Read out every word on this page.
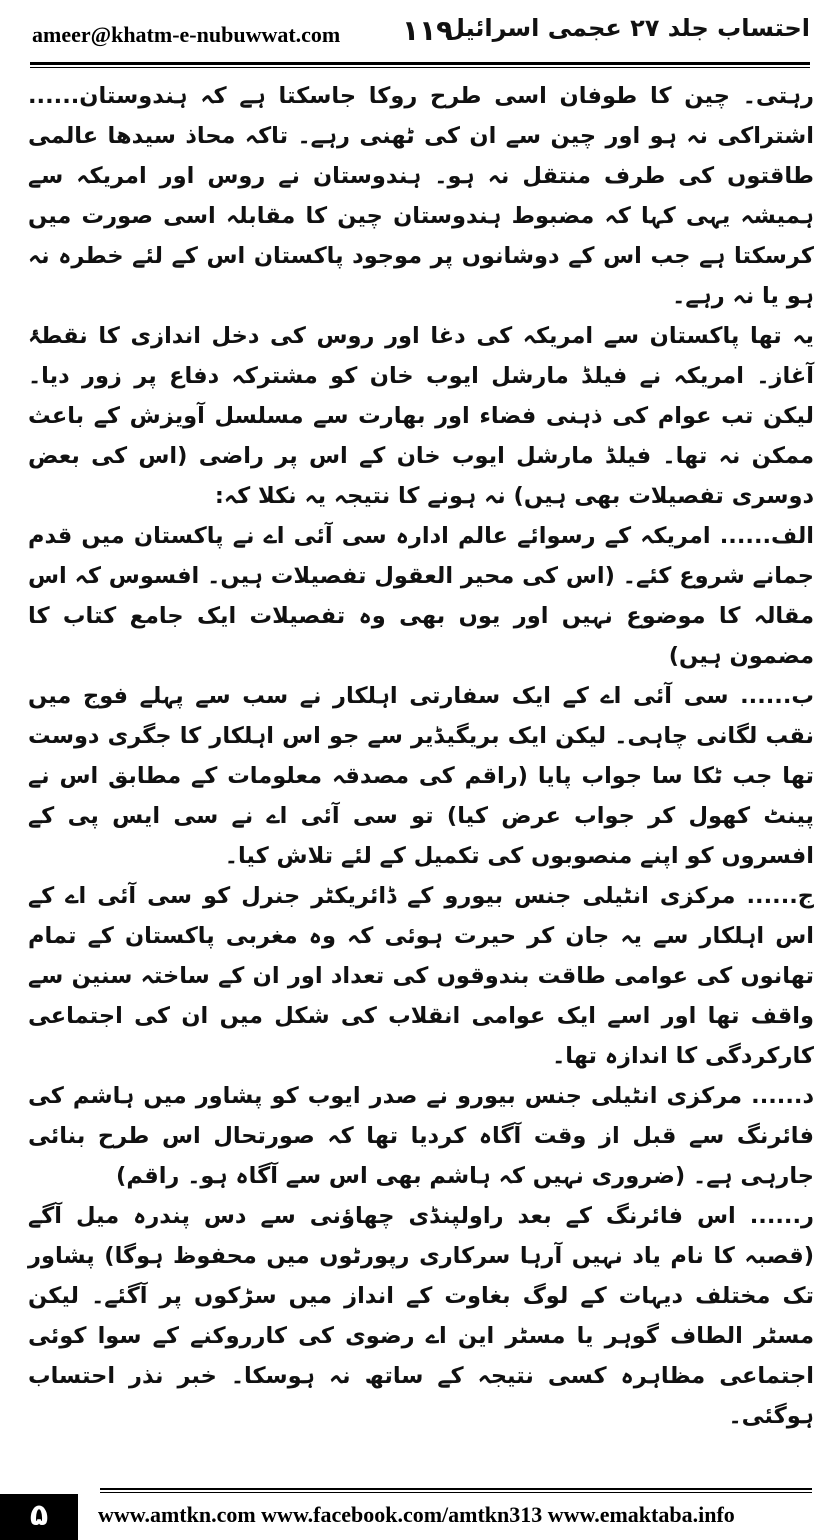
ameer@khatm-e-nubuwwat.com ۱۱۹
احتساب جلد ۲۷ عجمی اسرائیل

رہتی۔ چین کا طوفان اسی طرح روکا جاسکتا ہے کہ ہندوستان...... اشتراکی نہ ہو اور چین سے ان کی ٹھنی رہے۔ تاکہ محاذ سیدھا عالمی طاقتوں کی طرف منتقل نہ ہو۔ ہندوستان نے روس اور امریکہ سے ہمیشہ یہی کہا کہ مضبوط ہندوستان چین کا مقابلہ اسی صورت میں کرسکتا ہے جب اس کے دوشانوں پر موجود پاکستان اس کے لئے خطرہ نہ ہو یا نہ رہے۔

یہ تھا پاکستان سے امریکہ کی دغا اور روس کی دخل اندازی کا نقطۂ آغاز۔ امریکہ نے فیلڈ مارشل ایوب خان کو مشترکہ دفاع پر زور دیا۔ لیکن تب عوام کی ذہنی فضاء اور بھارت سے مسلسل آویزش کے باعث ممکن نہ تھا۔ فیلڈ مارشل ایوب خان کے اس پر راضی (اس کی بعض دوسری تفصیلات بھی ہیں) نہ ہونے کا نتیجہ یہ نکلا کہ:

الف...... امریکہ کے رسوائے عالم ادارہ سی آئی اے نے پاکستان میں قدم جمانے شروع کئے۔ (اس کی محیر العقول تفصیلات ہیں۔ افسوس کہ اس مقالہ کا موضوع نہیں اور یوں بھی وہ تفصیلات ایک جامع کتاب کا مضمون ہیں)

ب...... سی آئی اے کے ایک سفارتی اہلکار نے سب سے پہلے فوج میں نقب لگانی چاہی۔ لیکن ایک بریگیڈیر سے جو اس اہلکار کا جگری دوست تھا جب ٹکا سا جواب پایا (راقم کی مصدقہ معلومات کے مطابق اس نے پینٹ کھول کر جواب عرض کیا) تو سی آئی اے نے سی ایس پی کے افسروں کو اپنے منصوبوں کی تکمیل کے لئے تلاش کیا۔

ج...... مرکزی انٹیلی جنس بیورو کے ڈائریکٹر جنرل کو سی آئی اے کے اس اہلکار سے یہ جان کر حیرت ہوئی کہ وہ مغربی پاکستان کے تمام تھانوں کی عوامی طاقت بندوقوں کی تعداد اور ان کے ساختہ سنین سے واقف تھا اور اسے ایک عوامی انقلاب کی شکل میں ان کی اجتماعی کارکردگی کا اندازہ تھا۔

د...... مرکزی انٹیلی جنس بیورو نے صدر ایوب کو پشاور میں ہاشم کی فائرنگ سے قبل از وقت آگاہ کردیا تھا کہ صورتحال اس طرح بنائی جارہی ہے۔ (ضروری نہیں کہ ہاشم بھی اس سے آگاہ ہو۔ راقم)

ر...... اس فائرنگ کے بعد راولپنڈی چھاؤنی سے دس پندرہ میل آگے (قصبہ کا نام یاد نہیں آرہا سرکاری رپورٹوں میں محفوظ ہوگا) پشاور تک مختلف دیہات کے لوگ بغاوت کے انداز میں سڑکوں پر آگئے۔ لیکن مسٹر الطاف گوہر یا مسٹر این اے رضوی کی کارروکنے کے سوا کوئی اجتماعی مظاہرہ کسی نتیجہ کے ساتھ نہ ہوسکا۔ خبر نذر احتساب ہوگئی۔

۵	www.amtkn.com www.facebook.com/amtkn313 www.emaktaba.info
